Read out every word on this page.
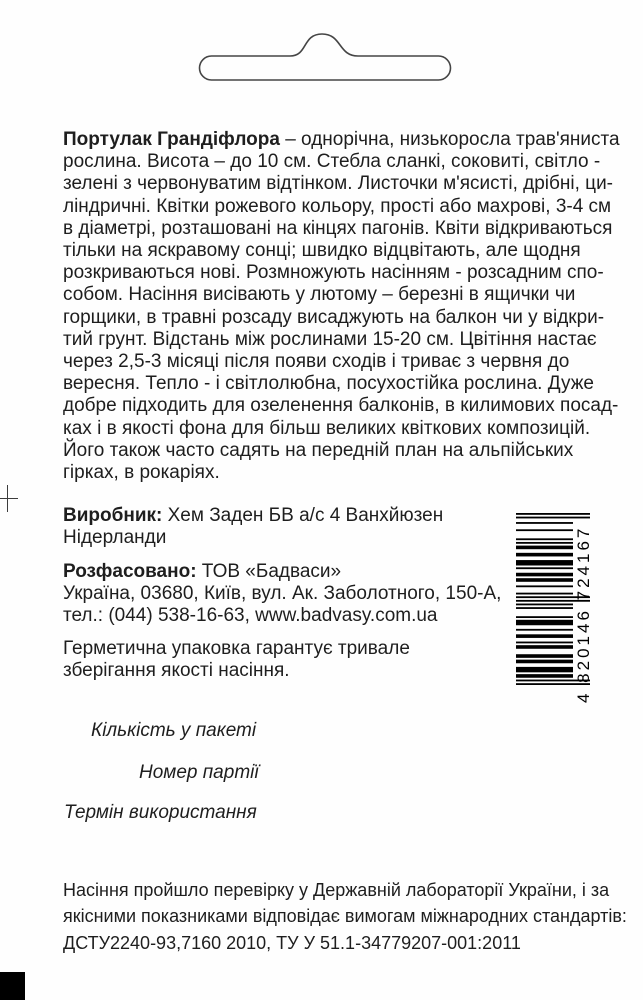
Портулак Грандіфлора – однорічна, низькоросла трав'яниста
рослина. Висота – до 10 см. Стебла сланкі, соковиті, світло -
зелені з червонуватим відтінком. Листочки м'ясисті, дрібні, ци-
ліндричні. Квітки рожевого кольору, прості або махрові, 3-4 см
в діаметрі, розташовані на кінцях пагонів. Квіти відкриваються
тільки на яскравому сонці; швидко відцвітають, але щодня
розкриваються нові. Розмножують насінням - розсадним спо-
собом. Насіння висівають у лютому – березні в ящички чи
горщики, в травні розсаду висаджують на балкон чи у відкри-
тий грунт. Відстань між рослинами 15-20 см. Цвітіння настає
через 2,5-3 місяці після появи сходів і триває з червня до
вересня. Тепло - і світлолюбна, посухостійка рослина. Дуже
добре підходить для озеленення балконів, в килимових посад-
ках і в якості фона для більш великих квіткових композицій.
Його також часто садять на передній план на альпійських
гірках, в рокаріях.
Виробник: Хем Заден БВ а/с 4 Ванхйюзен
Нідерланди
Розфасовано: ТОВ «Бадваси»
Україна, 03680, Київ, вул. Ак. Заболотного, 150-А,
тел.: (044) 538-16-63, www.badvasy.com.ua
Герметична упаковка гарантує тривале
зберігання якості насіння.
Кількість у пакеті
Номер партії
Термін використання
Насіння пройшло перевірку у Державній лабораторії України, і за
якісними показниками відповідає вимогам міжнародних стандартів:
ДСТУ2240-93,7160 2010, ТУ У 51.1-34779207-001:2011
4 820146 724167
